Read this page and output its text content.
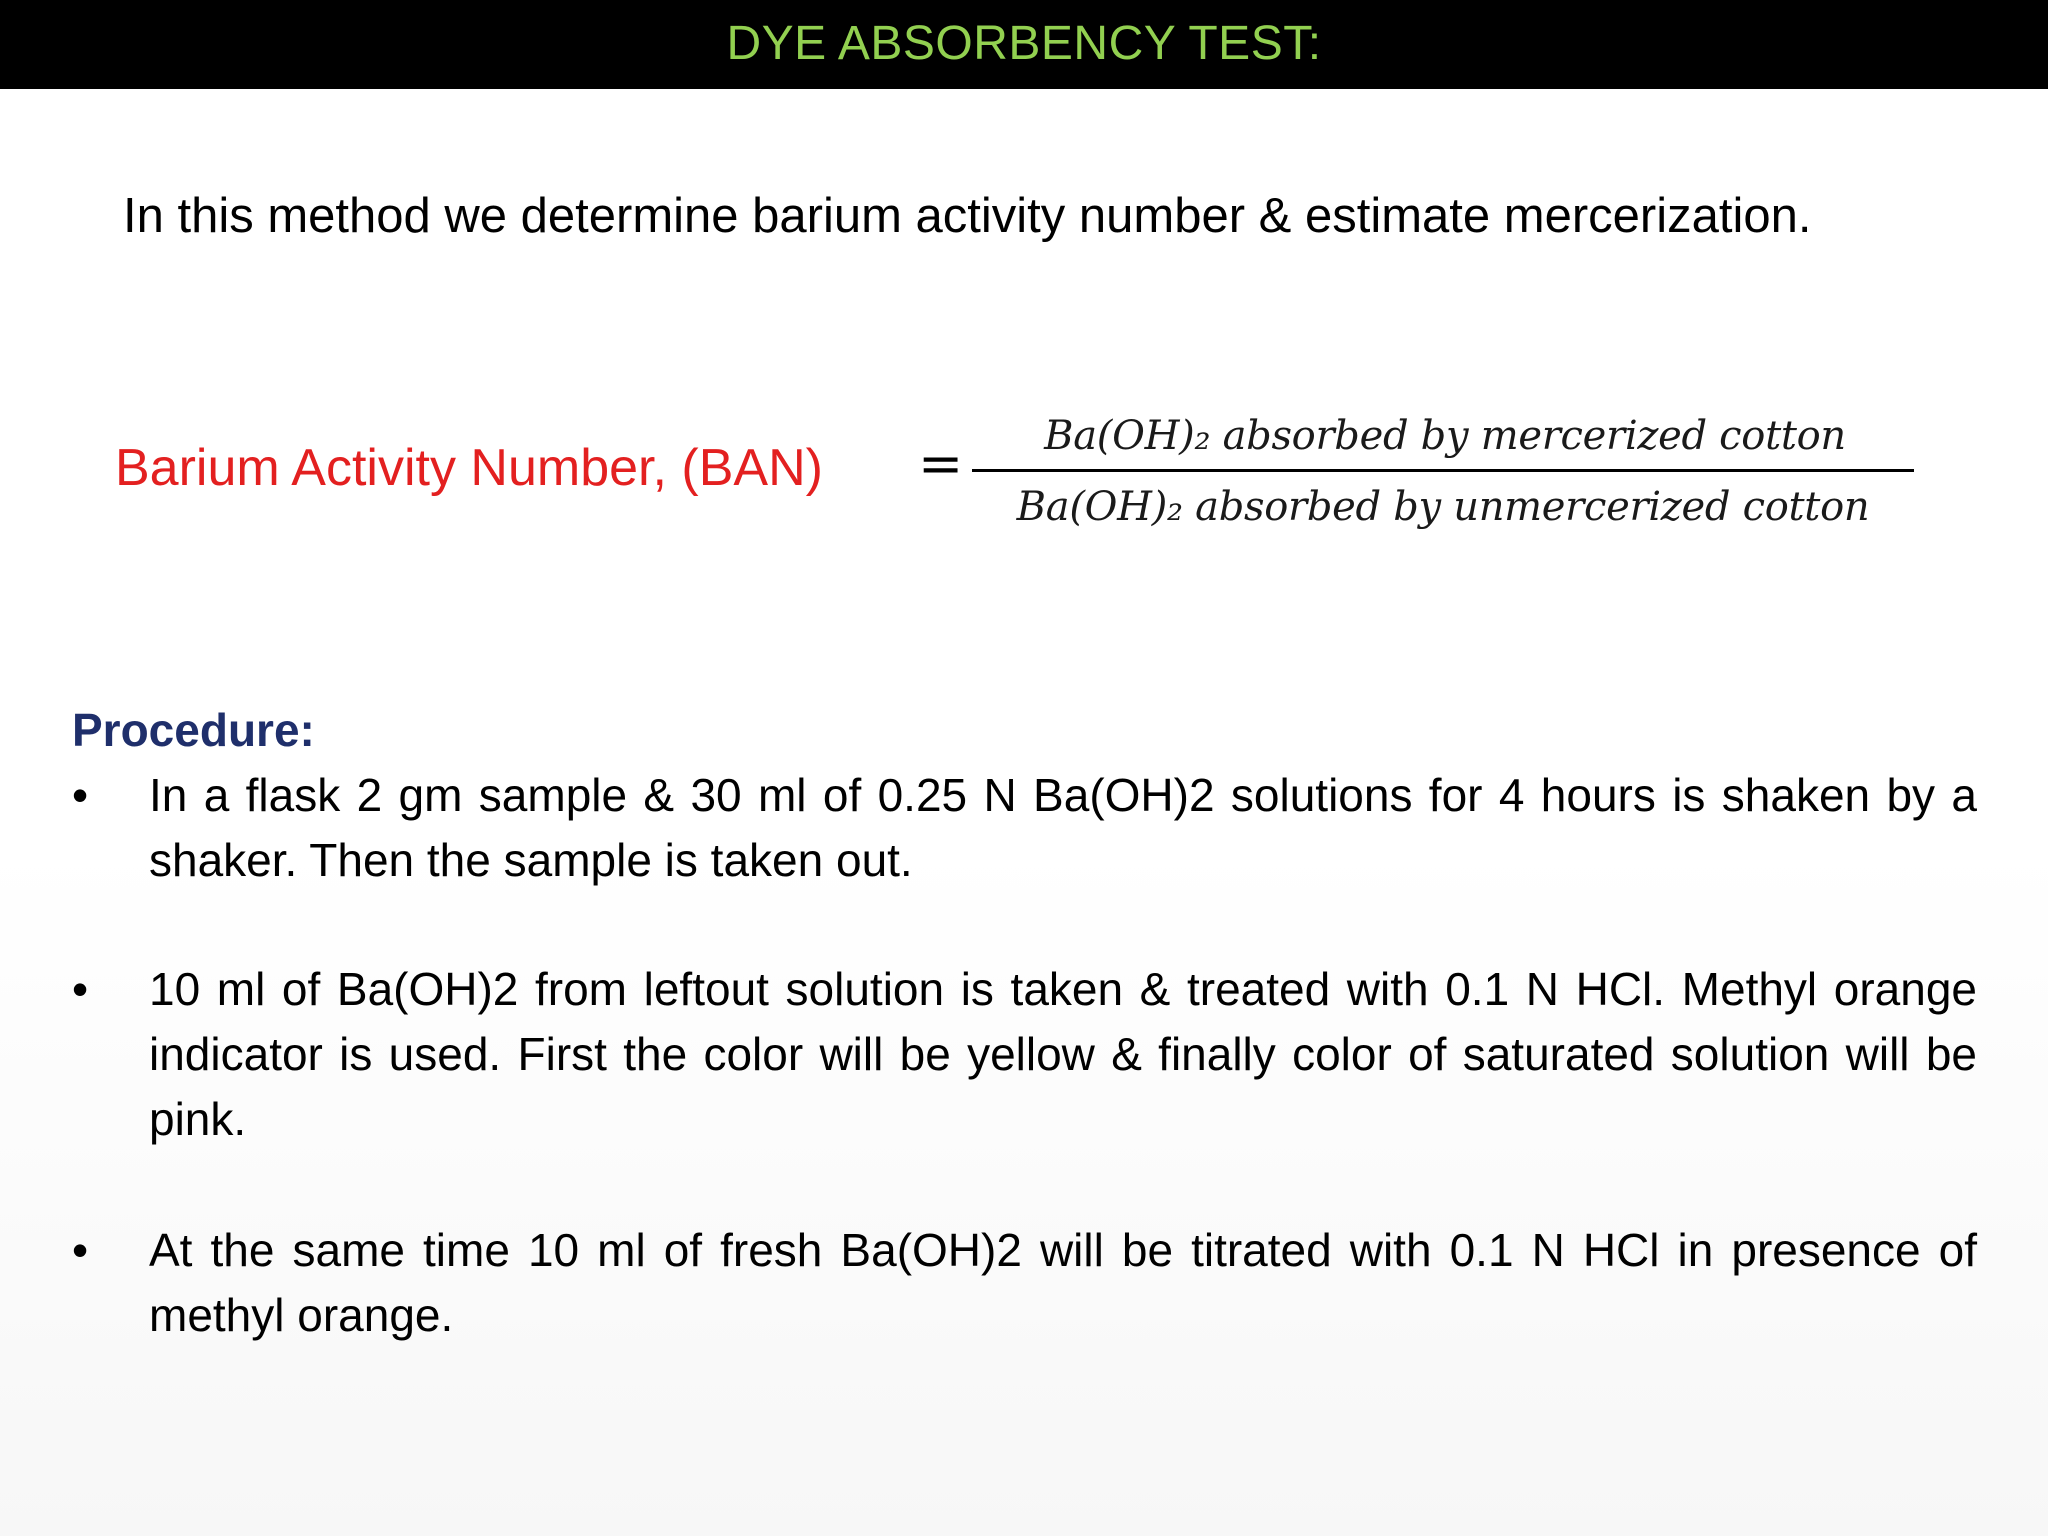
DYE ABSORBENCY TEST:
In this method we determine barium activity number & estimate mercerization.
Barium Activity Number, (BAN) =	Ba(OH)₂ absorbed by mercerized cotton
Ba(OH)₂ absorbed by unmercerized cotton
Procedure:
• In a flask 2 gm sample & 30 ml of 0.25 N Ba(OH)2 solutions for 4 hours is shaken by a shaker. Then the sample is taken out.
• 10 ml of Ba(OH)2 from leftout solution is taken & treated with 0.1 N HCl. Methyl orange indicator is used. First the color will be yellow & finally color of saturated solution will be pink.
• At the same time 10 ml of fresh Ba(OH)2 will be titrated with 0.1 N HCl in presence of methyl orange.
